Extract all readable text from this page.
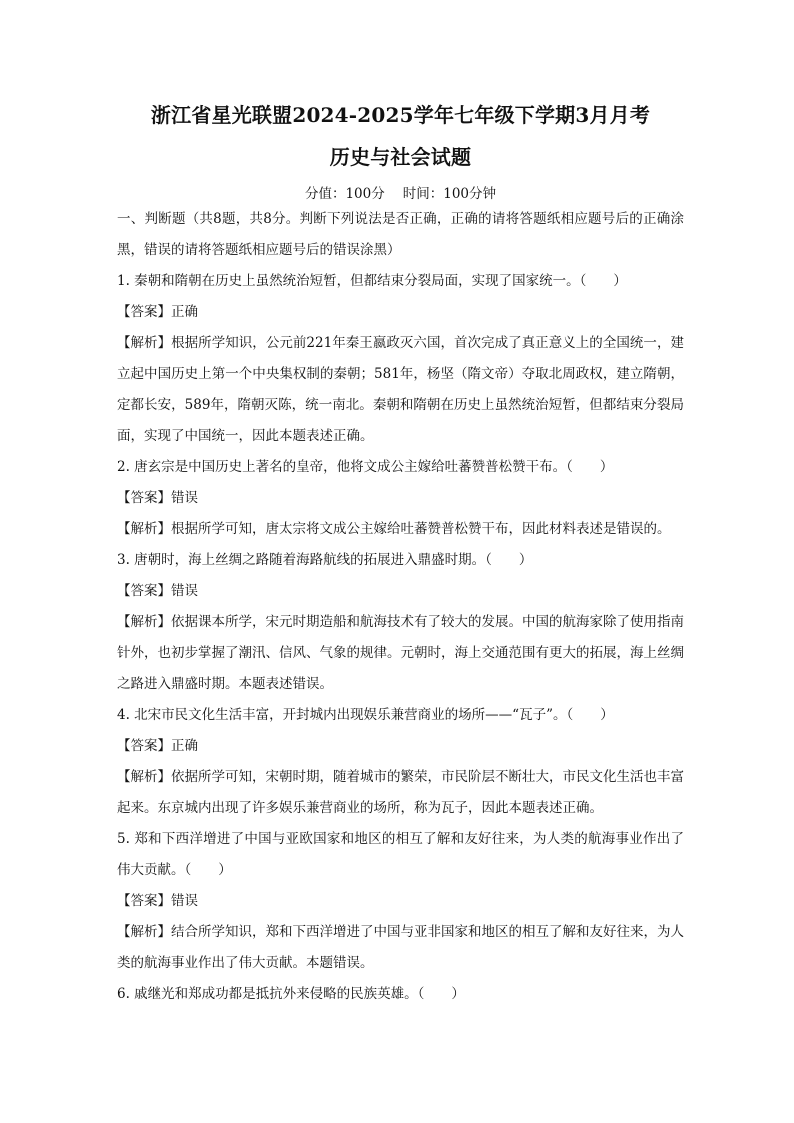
浙江省星光联盟2024-2025学年七年级下学期3月月考
历史与社会试题
分值：100分 时间：100分钟

一、判断题（共8题，共8分。判断下列说法是否正确，正确的请将答题纸相应题号后的正确涂黑，错误的请将答题纸相应题号后的错误涂黑）

1. 秦朝和隋朝在历史上虽然统治短暂，但都结束分裂局面，实现了国家统一。（　　）

【答案】正确

【解析】根据所学知识，公元前221年秦王嬴政灭六国，首次完成了真正意义上的全国统一，建立起中国历史上第一个中央集权制的秦朝；581年，杨坚（隋文帝）夺取北周政权，建立隋朝，定都长安，589年，隋朝灭陈，统一南北。秦朝和隋朝在历史上虽然统治短暂，但都结束分裂局面，实现了中国统一，因此本题表述正确。

2. 唐玄宗是中国历史上著名的皇帝，他将文成公主嫁给吐蕃赞普松赞干布。（　　）

【答案】错误

【解析】根据所学可知，唐太宗将文成公主嫁给吐蕃赞普松赞干布，因此材料表述是错误的。

3. 唐朝时，海上丝绸之路随着海路航线的拓展进入鼎盛时期。（　　）

【答案】错误

【解析】依据课本所学，宋元时期造船和航海技术有了较大的发展。中国的航海家除了使用指南针外，也初步掌握了潮汛、信风、气象的规律。元朝时，海上交通范围有更大的拓展，海上丝绸之路进入鼎盛时期。本题表述错误。

4. 北宋市民文化生活丰富，开封城内出现娱乐兼营商业的场所——“瓦子”。（　　）

【答案】正确

【解析】依据所学可知，宋朝时期，随着城市的繁荣，市民阶层不断壮大，市民文化生活也丰富起来。东京城内出现了许多娱乐兼营商业的场所，称为瓦子，因此本题表述正确。

5. 郑和下西洋增进了中国与亚欧国家和地区的相互了解和友好往来，为人类的航海事业作出了伟大贡献。（　　）

【答案】错误

【解析】结合所学知识，郑和下西洋增进了中国与亚非国家和地区的相互了解和友好往来，为人类的航海事业作出了伟大贡献。本题错误。

6. 戚继光和郑成功都是抵抗外来侵略的民族英雄。（　　）
